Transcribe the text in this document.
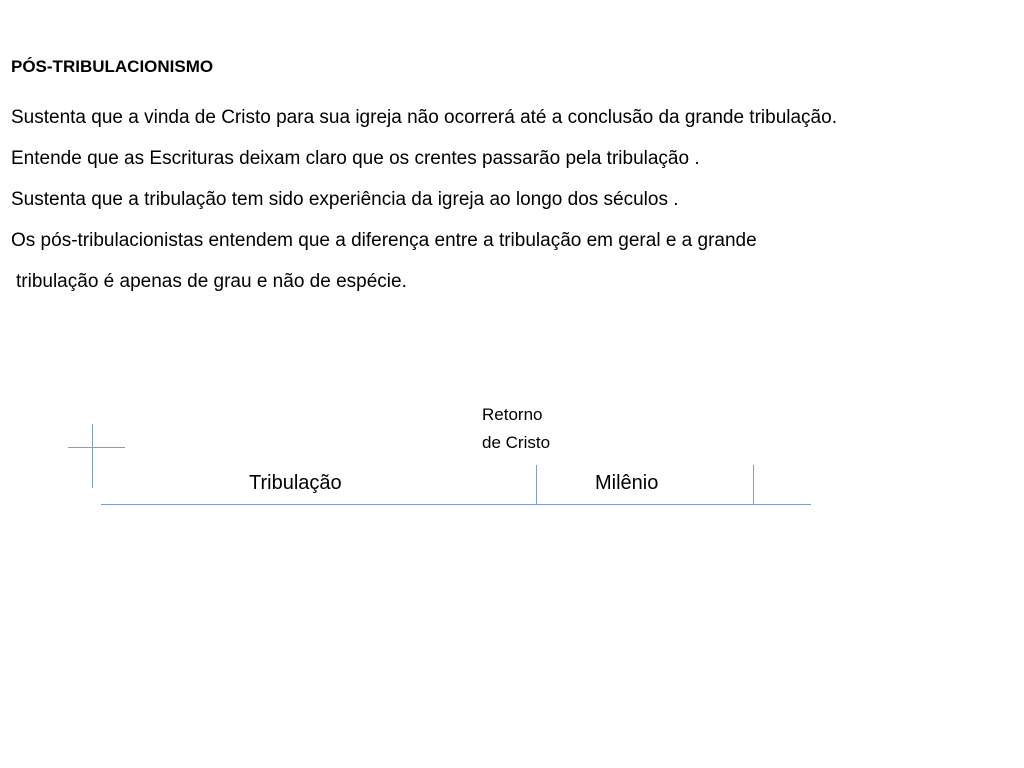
PÓS-TRIBULACIONISMO
Sustenta que a vinda de Cristo para sua igreja não ocorrerá até a conclusão da grande tribulação.
Entende que as Escrituras deixam claro que os crentes passarão pela tribulação .
Sustenta que a tribulação tem sido experiência da igreja ao longo dos séculos .
Os pós-tribulacionistas entendem que a diferença entre a tribulação em geral e a grande
tribulação é apenas de grau e não de espécie.
Retorno
de Cristo
Tribulação	Milênio
